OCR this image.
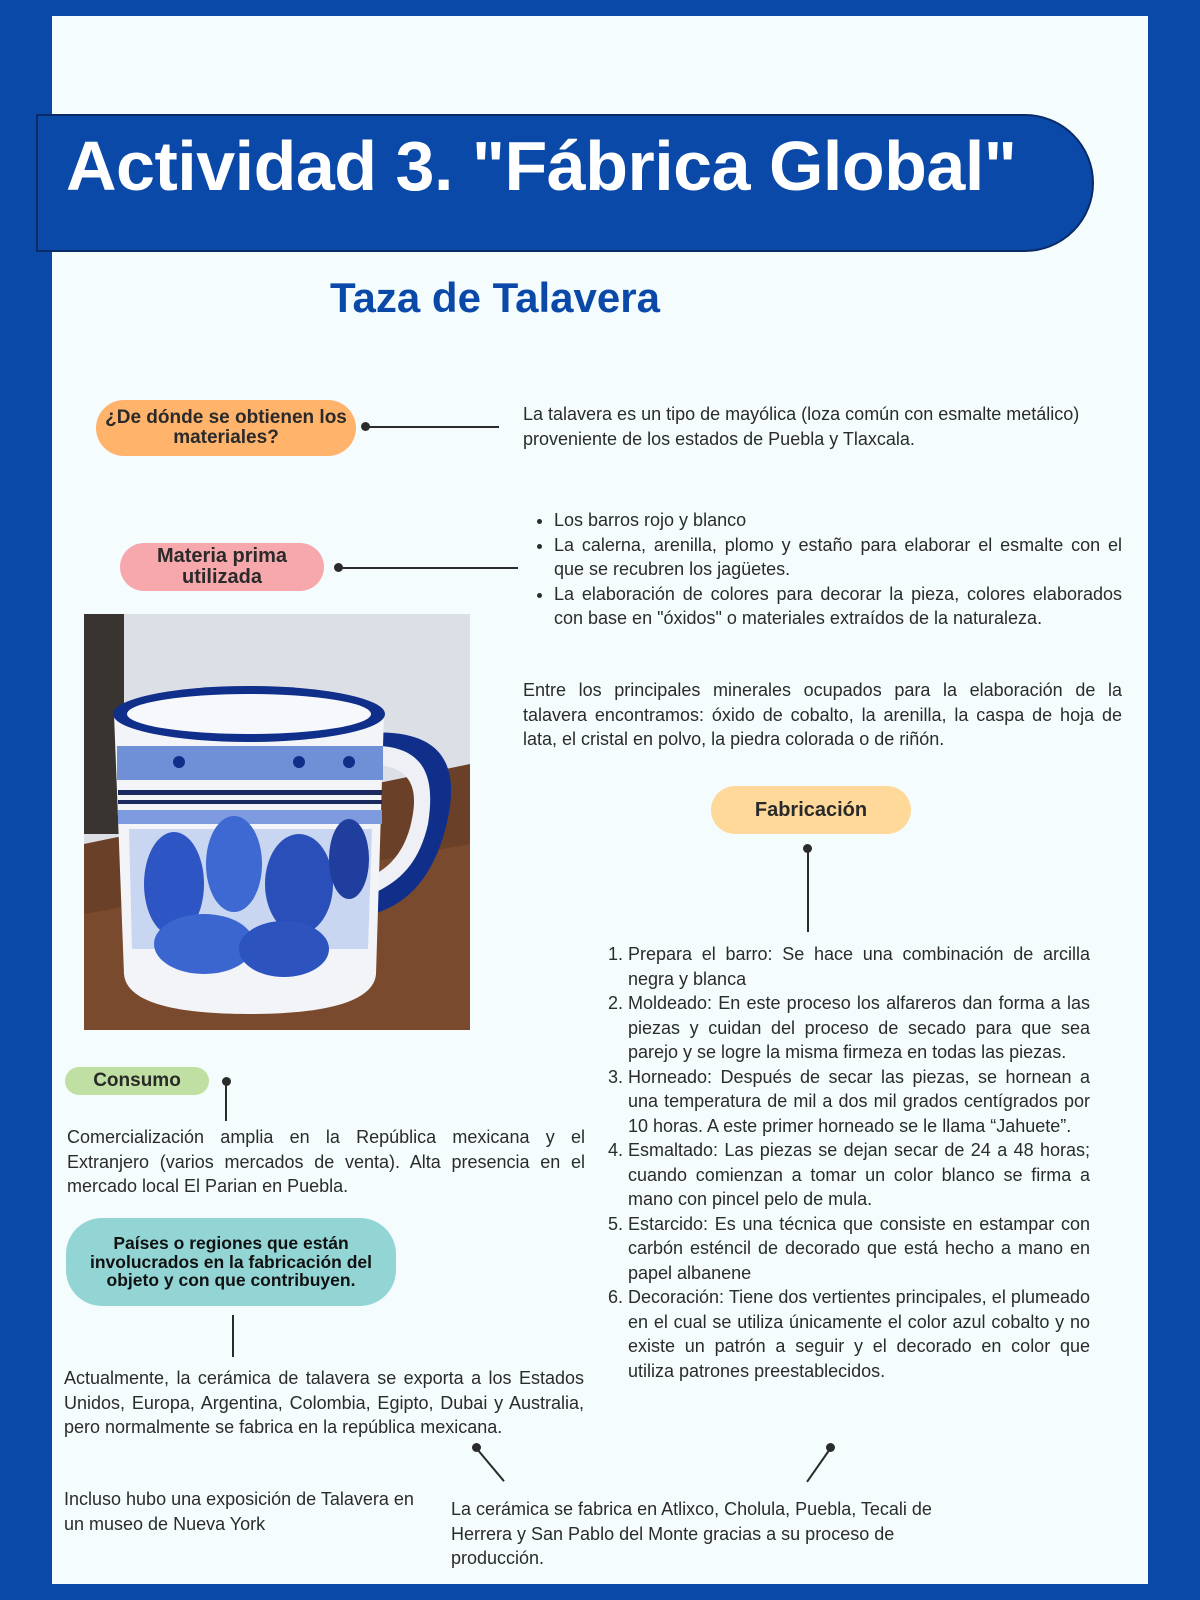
Actividad 3. "Fábrica Global"
Taza de Talavera
¿De dónde se obtienen los materiales?
La talavera es un tipo de mayólica (loza común con esmalte metálico) proveniente de los estados de Puebla y Tlaxcala.
Materia prima utilizada
• Los barros rojo y blanco
• La calerna, arenilla, plomo y estaño para elaborar el esmalte con el que se recubren los jagüetes.
• La elaboración de colores para decorar la pieza, colores elaborados con base en "óxidos" o materiales extraídos de la naturaleza.
Entre los principales minerales ocupados para la elaboración de la talavera encontramos: óxido de cobalto, la arenilla, la caspa de hoja de lata, el cristal en polvo, la piedra colorada o de riñón.
Fabricación
1. Prepara el barro: Se hace una combinación de arcilla negra y blanca
2. Moldeado: En este proceso los alfareros dan forma a las piezas y cuidan del proceso de secado para que sea parejo y se logre la misma firmeza en todas las piezas.
3. Horneado: Después de secar las piezas, se hornean a una temperatura de mil a dos mil grados centígrados por 10 horas. A este primer horneado se le llama “Jahuete”.
4. Esmaltado: Las piezas se dejan secar de 24 a 48 horas; cuando comienzan a tomar un color blanco se firma a mano con pincel pelo de mula.
5. Estarcido: Es una técnica que consiste en estampar con carbón esténcil de decorado que está hecho a mano en papel albanene
6. Decoración: Tiene dos vertientes principales, el plumeado en el cual se utiliza únicamente el color azul cobalto y no existe un patrón a seguir y el decorado en color que utiliza patrones preestablecidos.
Consumo
Comercialización amplia en la República mexicana y el Extranjero (varios mercados de venta). Alta presencia en el mercado local El Parian en Puebla.
Países o regiones que están involucrados en la fabricación del objeto y con que contribuyen.
Actualmente, la cerámica de talavera se exporta a los Estados Unidos, Europa, Argentina, Colombia, Egipto, Dubai y Australia, pero normalmente se fabrica en la república mexicana.
Incluso hubo una exposición de Talavera en un museo de Nueva York
La cerámica se fabrica en Atlixco, Cholula, Puebla, Tecali de Herrera y San Pablo del Monte gracias a su proceso de producción.
